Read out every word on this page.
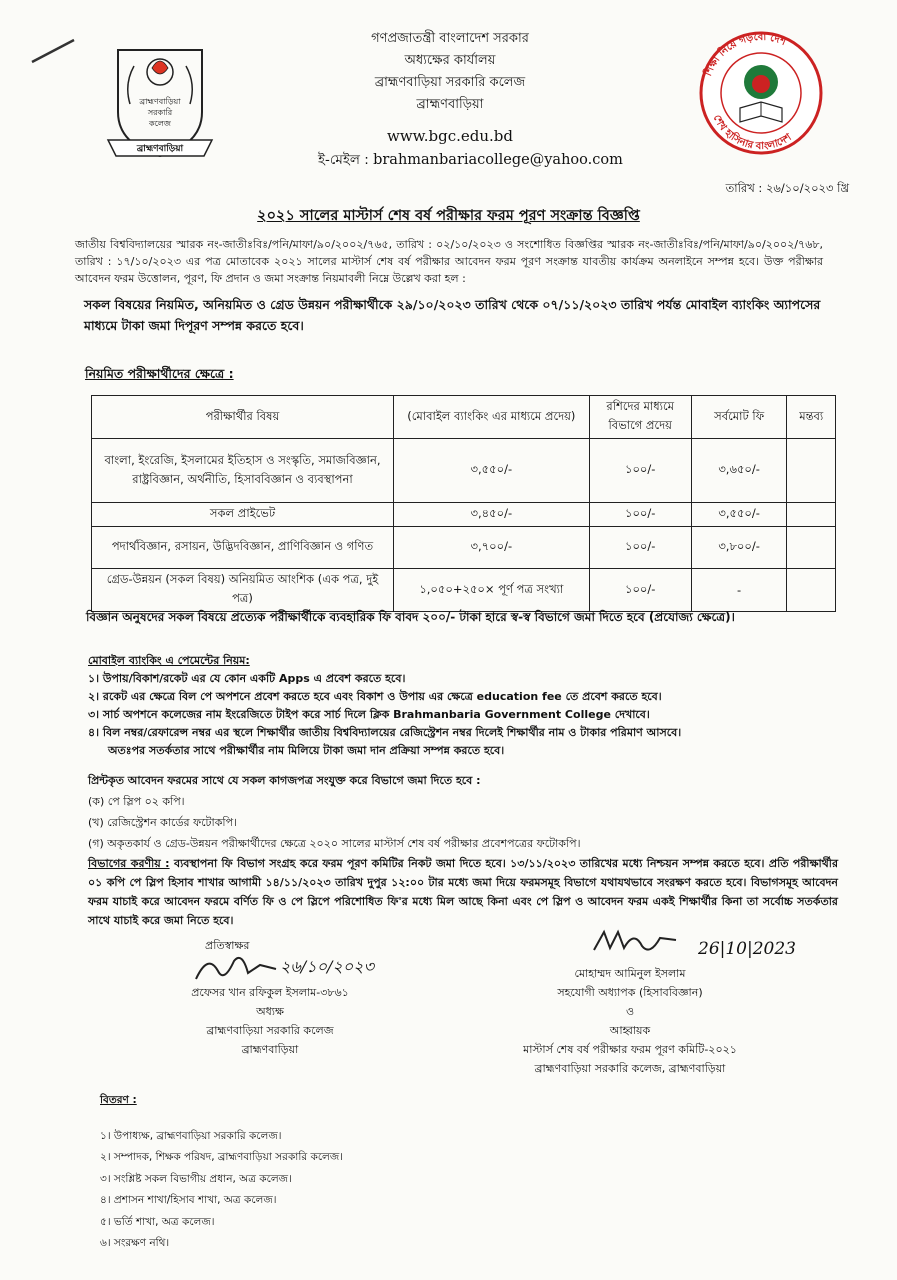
ব্রাহ্মণবাড়িয়া
সরকারি
কলেজ
ব্রাহ্মণবাড়িয়া
শিক্ষা নিয়ে গড়বো দেশ
শেখ হাসিনার বাংলাদেশ
গণপ্রজাতন্ত্রী বাংলাদেশ সরকার
অধ্যক্ষের কার্যালয়
ব্রাহ্মণবাড়িয়া সরকারি কলেজ
ব্রাহ্মণবাড়িয়া
www.bgc.edu.bd
ই-মেইল : brahmanbariacollege@yahoo.com
তারিখ : ২৬/১০/২০২৩ খ্রি
২০২১ সালের মাস্টার্স শেষ বর্ষ পরীক্ষার ফরম পূরণ সংক্রান্ত বিজ্ঞপ্তি
জাতীয় বিশ্ববিদ্যালয়ের স্মারক নং-জাতীঃবিঃ/পনি/মাফা/৯০/২০০২/৭৬৫, তারিখ : ০২/১০/২০২৩ ও সংশোধিত বিজ্ঞপ্তির স্মারক নং-জাতীঃবিঃ/পনি/মাফা/৯০/২০০২/৭৬৮, তারিখ : ১৭/১০/২০২৩ এর পত্র মোতাবেক ২০২১ সালের মাস্টার্স শেষ বর্ষ পরীক্ষার আবেদন ফরম পূরণ সংক্রান্ত যাবতীয় কার্যক্রম অনলাইনে সম্পন্ন হবে। উক্ত পরীক্ষার আবেদন ফরম উত্তোলন, পূরণ, ফি প্রদান ও জমা সংক্রান্ত নিয়মাবলী নিম্নে উল্লেখ করা হল :
সকল বিষয়ের নিয়মিত, অনিয়মিত ও গ্রেড উন্নয়ন পরীক্ষার্থীকে ২৯/১০/২০২৩ তারিখ থেকে ০৭/১১/২০২৩ তারিখ পর্যন্ত মোবাইল ব্যাংকিং অ্যাপসের মাধ্যমে টাকা জমা দিপূরণ সম্পন্ন করতে হবে।
নিয়মিত পরীক্ষার্থীদের ক্ষেত্রে :
পরীক্ষার্থীর বিষয়	(মোবাইল ব্যাংকিং এর মাধ্যমে প্রদেয়)	রশিদের মাধ্যমে বিভাগে প্রদেয়	সর্বমোট ফি	মন্তব্য
বাংলা, ইংরেজি, ইসলামের ইতিহাস ও সংস্কৃতি, সমাজবিজ্ঞান, রাষ্ট্রবিজ্ঞান, অর্থনীতি, হিসাববিজ্ঞান ও ব্যবস্থাপনা	৩,৫৫০/-	১০০/-	৩,৬৫০/-	
সকল প্রাইভেট	৩,৪৫০/-	১০০/-	৩,৫৫০/-	
পদার্থবিজ্ঞান, রসায়ন, উদ্ভিদবিজ্ঞান, প্রাণিবিজ্ঞান ও গণিত	৩,৭০০/-	১০০/-	৩,৮০০/-	
গ্রেড-উন্নয়ন (সকল বিষয়) অনিয়মিত আংশিক (এক পত্র, দুই পত্র)	১,০৫০+২৫০× পূর্ণ পত্র সংখ্যা	১০০/-	-	
বিজ্ঞান অনুষদের সকল বিষয়ে প্রত্যেক পরীক্ষার্থীকে ব্যবহারিক ফি বাবদ ২০০/- টাকা হারে স্ব-স্ব বিভাগে জমা দিতে হবে (প্রযোজ্য ক্ষেত্রে)।
মোবাইল ব্যাংকিং এ পেমেন্টের নিয়ম:
১। উপায়/বিকাশ/রকেট এর যে কোন একটি Apps এ প্রবেশ করতে হবে।
২। রকেট এর ক্ষেত্রে বিল পে অপশনে প্রবেশ করতে হবে এবং বিকাশ ও উপায় এর ক্ষেত্রে education fee তে প্রবেশ করতে হবে।
৩। সার্চ অপশনে কলেজের নাম ইংরেজিতে টাইপ করে সার্চ দিলে ক্লিক Brahmanbaria Government College দেখাবে।
৪। বিল নম্বর/রেফারেন্স নম্বর এর স্থলে শিক্ষার্থীর জাতীয় বিশ্ববিদ্যালয়ের রেজিস্ট্রেশন নম্বর দিলেই শিক্ষার্থীর নাম ও টাকার পরিমাণ আসবে।
অতঃপর সতর্কতার সাথে পরীক্ষার্থীর নাম মিলিয়ে টাকা জমা দান প্রক্রিয়া সম্পন্ন করতে হবে।
প্রিন্টকৃত আবেদন ফরমের সাথে যে সকল কাগজপত্র সংযুক্ত করে বিভাগে জমা দিতে হবে :
(ক) পে স্লিপ ০২ কপি।
(খ) রেজিস্ট্রেশন কার্ডের ফটোকপি।
(গ) অকৃতকার্য ও গ্রেড-উন্নয়ন পরীক্ষার্থীদের ক্ষেত্রে ২০২০ সালের মাস্টার্স শেষ বর্ষ পরীক্ষার প্রবেশপত্রের ফটোকপি।
বিভাগের করণীয় : ব্যবস্থাপনা ফি বিভাগ সংগ্রহ করে ফরম পূরণ কমিটির নিকট জমা দিতে হবে। ১৩/১১/২০২৩ তারিখের মধ্যে নিশ্চয়ন সম্পন্ন করতে হবে। প্রতি পরীক্ষার্থীর ০১ কপি পে স্লিপ হিসাব শাখার আগামী ১৪/১১/২০২৩ তারিখ দুপুর ১২:০০ টার মধ্যে জমা দিয়ে ফরমসমূহ বিভাগে যথাযথভাবে সংরক্ষণ করতে হবে। বিভাগসমূহ আবেদন ফরম যাচাই করে আবেদন ফরমে বর্ণিত ফি ও পে স্লিপে পরিশোধিত ফি'র মধ্যে মিল আছে কিনা এবং পে স্লিপ ও আবেদন ফরম একই শিক্ষার্থীর কিনা তা সর্বোচ্চ সতর্কতার সাথে যাচাই করে জমা নিতে হবে।
প্রতিস্বাক্ষর
২৬/১০/২০২৩
প্রফেসর খান রফিকুল ইসলাম-৩৮৬১
অধ্যক্ষ
ব্রাহ্মণবাড়িয়া সরকারি কলেজ
ব্রাহ্মণবাড়িয়া
26|10|2023
মোহাম্মদ আমিনুল ইসলাম
সহযোগী অধ্যাপক (হিসাববিজ্ঞান)
ও
আহ্বায়ক
মাস্টার্স শেষ বর্ষ পরীক্ষার ফরম পূরণ কমিটি-২০২১
ব্রাহ্মণবাড়িয়া সরকারি কলেজ, ব্রাহ্মণবাড়িয়া
বিতরণ :
১। উপাধ্যক্ষ, ব্রাহ্মণবাড়িয়া সরকারি কলেজ।
২। সম্পাদক, শিক্ষক পরিষদ, ব্রাহ্মণবাড়িয়া সরকারি কলেজ।
৩। সংশ্লিষ্ট সকল বিভাগীয় প্রধান, অত্র কলেজ।
৪। প্রশাসন শাখা/হিসাব শাখা, অত্র কলেজ।
৫। ভর্তি শাখা, অত্র কলেজ।
৬। সংরক্ষণ নথি।
